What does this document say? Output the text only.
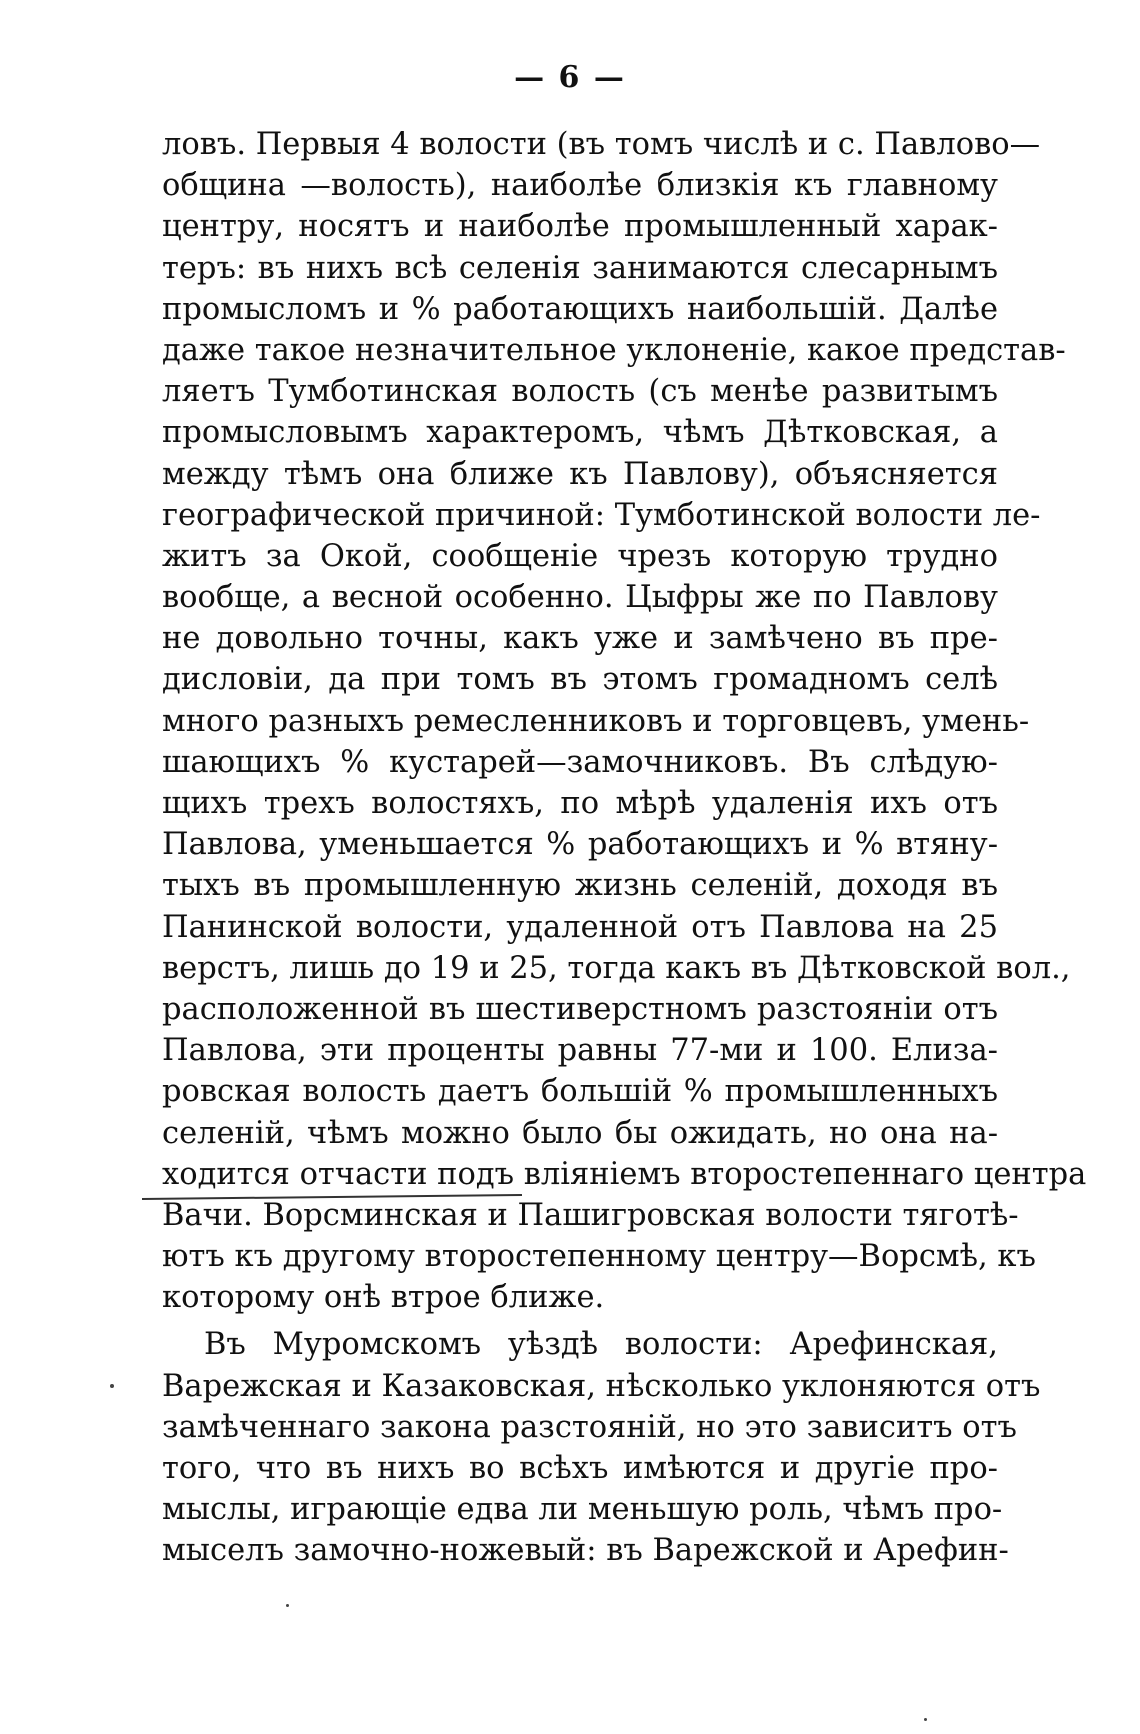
— 6 —
ловъ. Первыя 4 волости (въ томъ числѣ и с. Павлово—
община —волость), наиболѣе близкія къ главному
центру, носятъ и наиболѣе промышленный харак-
теръ: въ нихъ всѣ селенія занимаются слесарнымъ
промысломъ и % работающихъ наибольшій. Далѣе
даже такое незначительное уклоненіе, какое представ-
ляетъ Тумботинская волость (съ менѣе развитымъ
промысловымъ характеромъ, чѣмъ Дѣтковская, а
между тѣмъ она ближе къ Павлову), объясняется
географической причиной: Тумботинской волости ле-
житъ за Окой, сообщеніе чрезъ которую трудно
вообще, а весной особенно. Цыфры же по Павлову
не довольно точны, какъ уже и замѣчено въ пре-
дисловіи, да при томъ въ этомъ громадномъ селѣ
много разныхъ ремесленниковъ и торговцевъ, умень-
шающихъ % кустарей—замочниковъ. Въ слѣдую-
щихъ трехъ волостяхъ, по мѣрѣ удаленія ихъ отъ
Павлова, уменьшается % работающихъ и % втяну-
тыхъ въ промышленную жизнь селеній, доходя въ
Панинской волости, удаленной отъ Павлова на 25
верстъ, лишь до 19 и 25, тогда какъ въ Дѣтковской вол.,
расположенной въ шестиверстномъ разстояніи отъ
Павлова, эти проценты равны 77-ми и 100. Елиза-
ровская волость даетъ большій % промышленныхъ
селеній, чѣмъ можно было бы ожидать, но она на-
ходится отчасти подъ вліяніемъ второстепеннаго центра
Вачи. Ворсминская и Пашигровская волости тяготѣ-
ютъ къ другому второстепенному центру—Ворсмѣ, къ
которому онѣ втрое ближе.
Въ Муромскомъ уѣздѣ волости: Арефинская,
Варежская и Казаковская, нѣсколько уклоняются отъ
замѣченнаго закона разстояній, но это зависитъ отъ
того, что въ нихъ во всѣхъ имѣются и другіе про-
мыслы, играющіе едва ли меньшую роль, чѣмъ про-
мыселъ замочно-ножевый: въ Варежской и Арефин-
